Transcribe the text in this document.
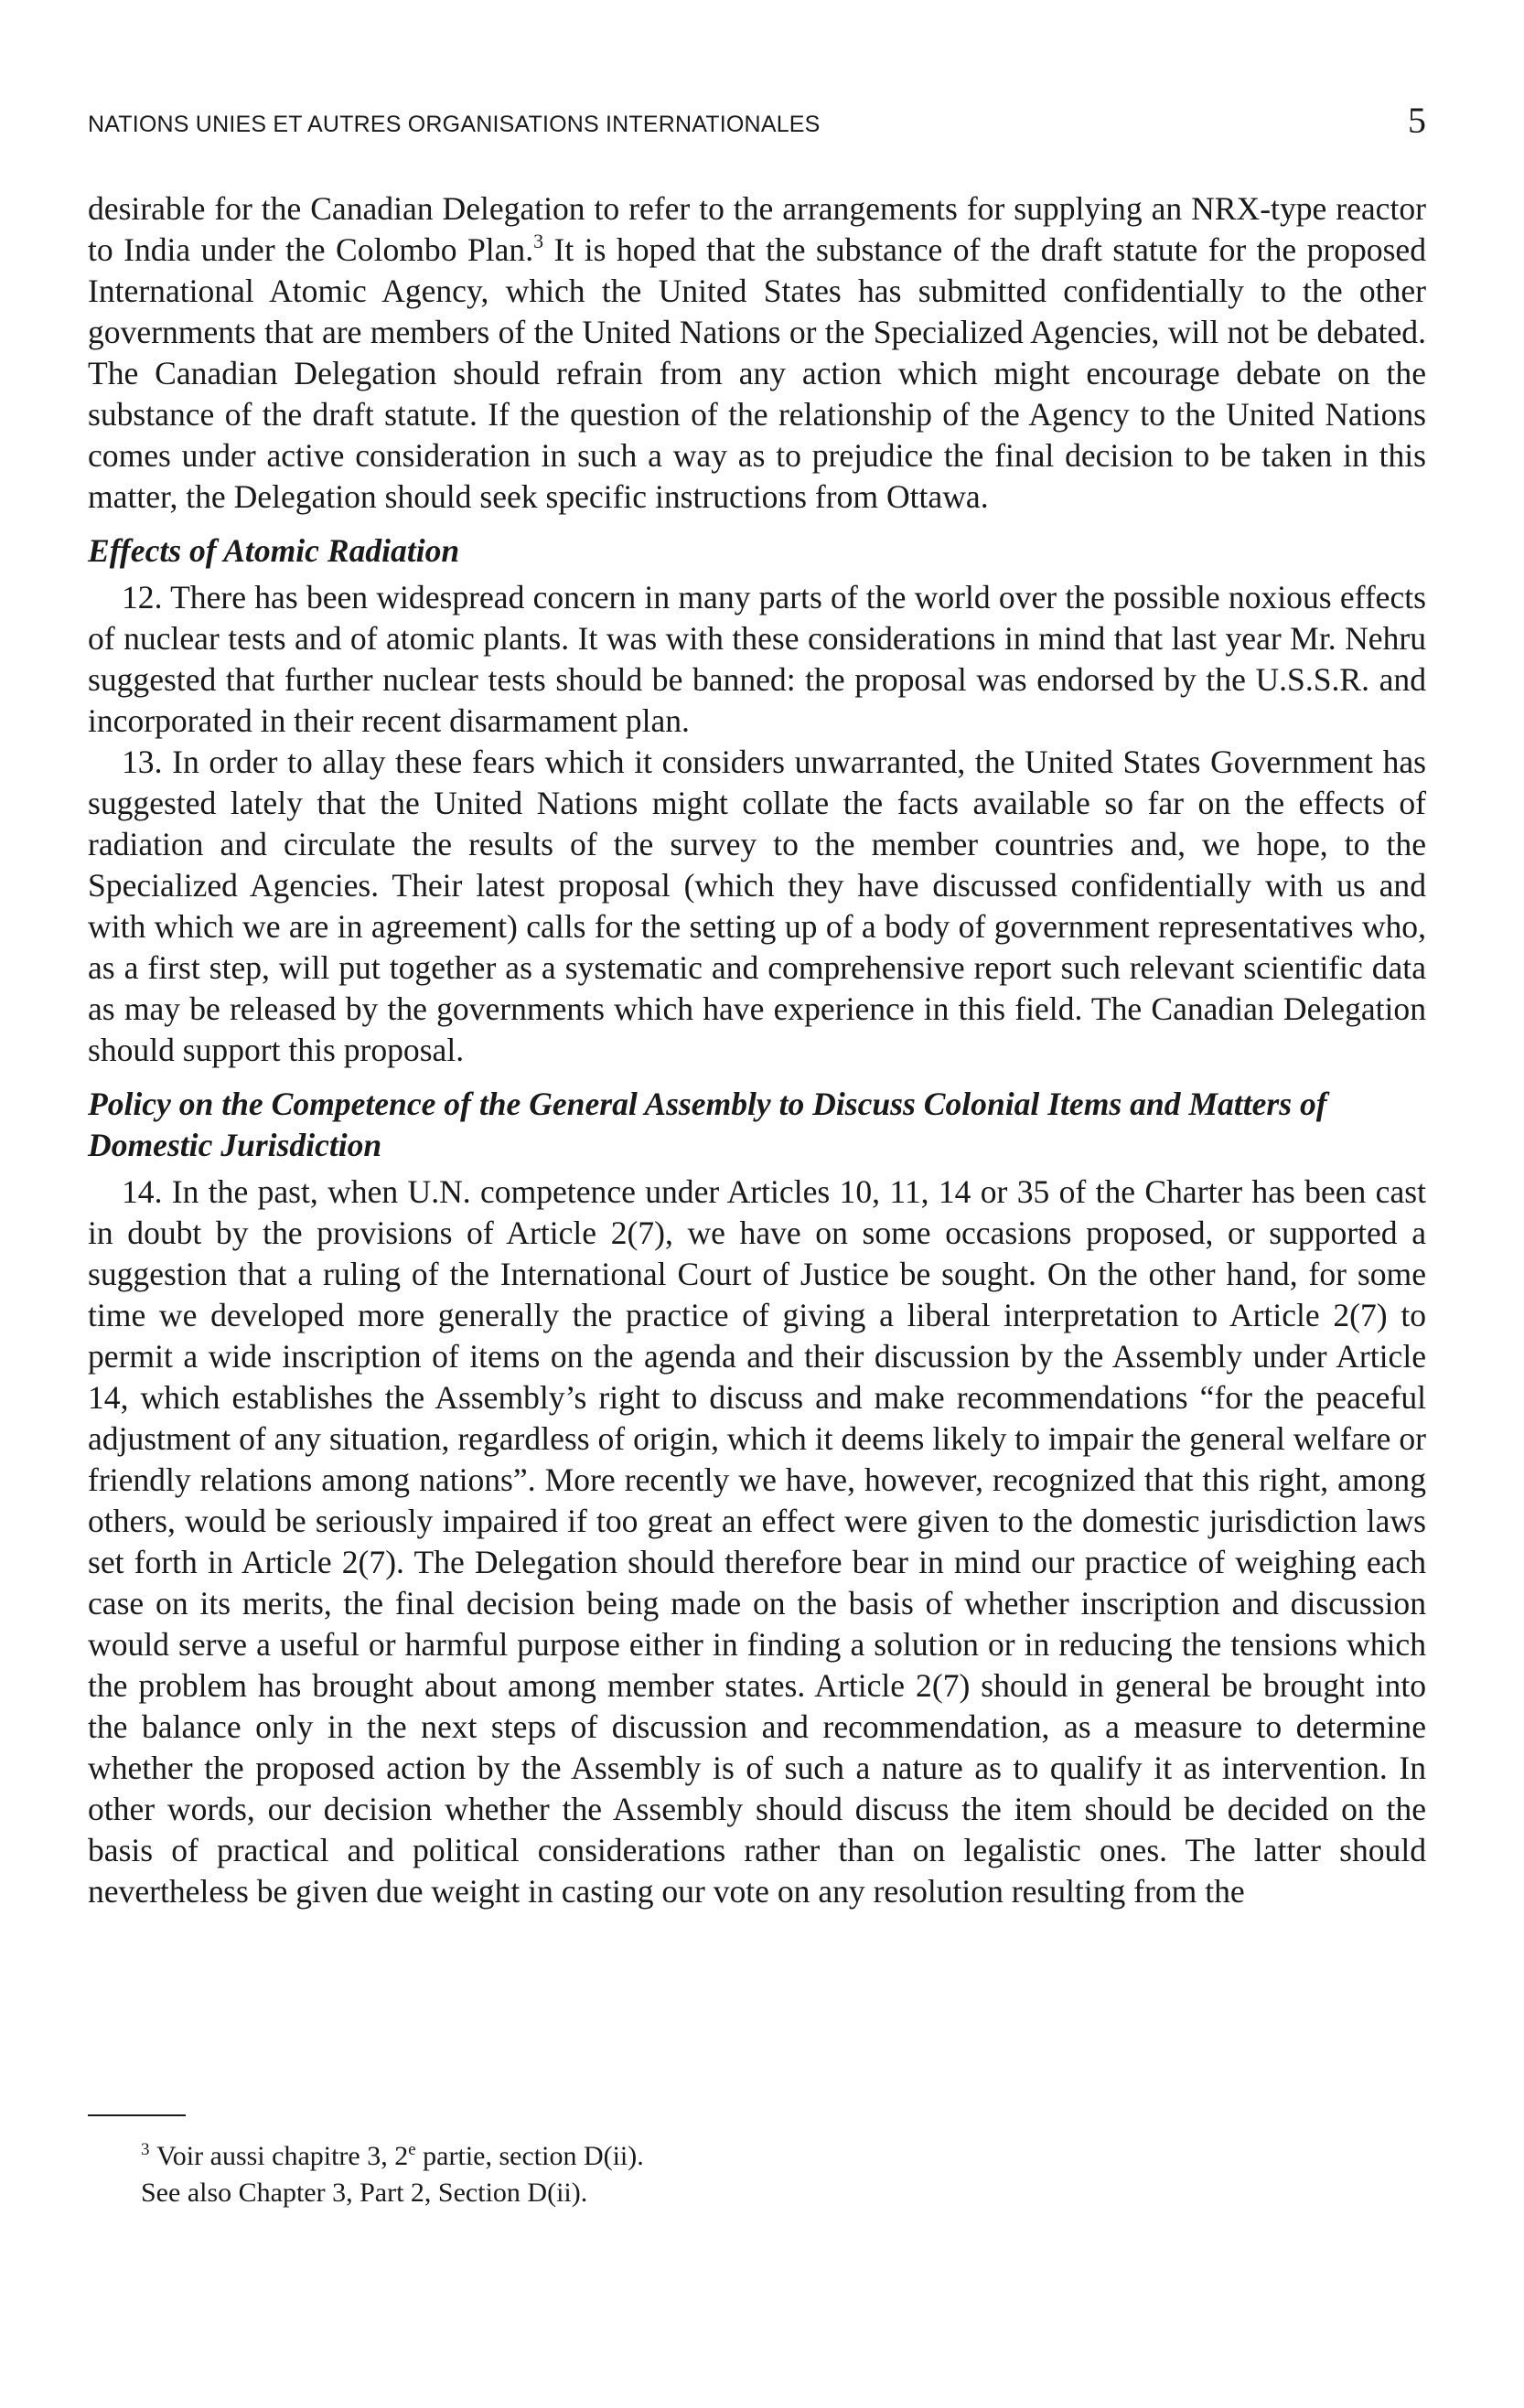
NATIONS UNIES ET AUTRES ORGANISATIONS INTERNATIONALES	5

desirable for the Canadian Delegation to refer to the arrangements for supplying an NRX-type reactor to India under the Colombo Plan.$^3$ It is hoped that the substance of the draft statute for the proposed International Atomic Agency, which the United States has submitted confidentially to the other governments that are members of the United Nations or the Specialized Agencies, will not be debated. The Canadian Delegation should refrain from any action which might encourage debate on the substance of the draft statute. If the question of the relationship of the Agency to the United Nations comes under active consideration in such a way as to prejudice the final decision to be taken in this matter, the Delegation should seek specific instructions from Ottawa.

Effects of Atomic Radiation

12. There has been widespread concern in many parts of the world over the possible noxious effects of nuclear tests and of atomic plants. It was with these considerations in mind that last year Mr. Nehru suggested that further nuclear tests should be banned: the proposal was endorsed by the U.S.S.R. and incorporated in their recent disarmament plan.

13. In order to allay these fears which it considers unwarranted, the United States Government has suggested lately that the United Nations might collate the facts available so far on the effects of radiation and circulate the results of the survey to the member countries and, we hope, to the Specialized Agencies. Their latest proposal (which they have discussed confidentially with us and with which we are in agreement) calls for the setting up of a body of government representatives who, as a first step, will put together as a systematic and comprehensive report such relevant scientific data as may be released by the governments which have experience in this field. The Canadian Delegation should support this proposal.

Policy on the Competence of the General Assembly to Discuss Colonial Items and Matters of Domestic Jurisdiction

14. In the past, when U.N. competence under Articles 10, 11, 14 or 35 of the Charter has been cast in doubt by the provisions of Article 2(7), we have on some occasions proposed, or supported a suggestion that a ruling of the International Court of Justice be sought. On the other hand, for some time we developed more generally the practice of giving a liberal interpretation to Article 2(7) to permit a wide inscription of items on the agenda and their discussion by the Assembly under Article 14, which establishes the Assembly’s right to discuss and make recommendations “for the peaceful adjustment of any situation, regardless of origin, which it deems likely to impair the general welfare or friendly relations among nations”. More recently we have, however, recognized that this right, among others, would be seriously impaired if too great an effect were given to the domestic jurisdiction laws set forth in Article 2(7). The Delegation should therefore bear in mind our practice of weighing each case on its merits, the final decision being made on the basis of whether inscription and discussion would serve a useful or harmful purpose either in finding a solution or in reducing the tensions which the problem has brought about among member states. Article 2(7) should in general be brought into the balance only in the next steps of discussion and recommendation, as a measure to determine whether the proposed action by the Assembly is of such a nature as to qualify it as intervention. In other words, our decision whether the Assembly should discuss the item should be decided on the basis of practical and political considerations rather than on legalistic ones. The latter should nevertheless be given due weight in casting our vote on any resolution resulting from the

$^3$ Voir aussi chapitre 3, 2e partie, section D(ii).

See also Chapter 3, Part 2, Section D(ii).
